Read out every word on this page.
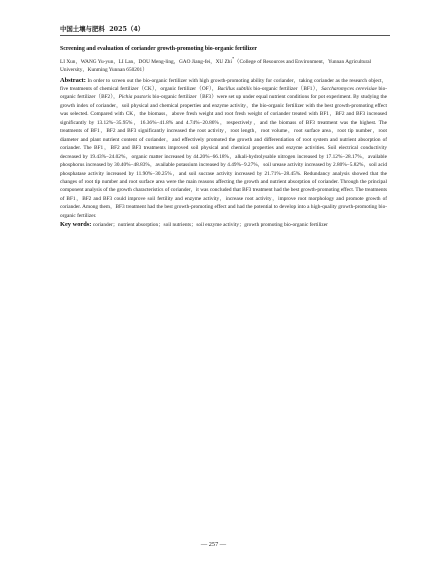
中国土壤与肥料 2025（4）

Screening and evaluation of coriander growth-promoting bio-organic fertilizer

LI Xun，WANG Yu-yun，LI Lan，DOU Meng-ling，GAO Jiang-fei，XU Zhi*（College of Resources and Environment，Yunnan Agricultural University，Kunming Yunnan 650201）

Abstract: In order to screen out the bio-organic fertilizer with high growth-promoting ability for coriander，taking coriander as the research object，five treatments of chemical fertilizer（CK），organic fertilizer（OF），Bacillus subtilis bio-organic fertilizer（BF1），Saccharomyces cerevisiae bio-organic fertilizer（BF2），Pichia pastoris bio-organic fertilizer（BF3）were set up under equal nutrient conditions for pot experiment. By studying the growth index of coriander，soil physical and chemical properties and enzyme activity，the bio-organic fertilizer with the best growth-promoting effect was selected. Compared with CK，the biomass，above fresh weight and root fresh weight of coriander treated with BF1，BF2 and BF3 increased significantly by 13.12%−35.95%，16.36%−41.8% and 4.74%−20.86%，respectively，and the biomass of BF3 treatment was the highest. The treatments of BF1，BF2 and BF3 significantly increased the root activity，root length，root volume，root surface area，root tip number，root diameter and plant nutrient content of coriander，and effectively promoted the growth and differentiation of root system and nutrient absorption of coriander. The BF1，BF2 and BF3 treatments improved soil physical and chemical properties and enzyme activities. Soil electrical conductivity decreased by 19.43%−24.02%，organic matter increased by 44.20%−66.18%，alkali-hydrolysable nitrogen increased by 17.12%−28.17%，available phosphorus increased by 30.40%−48.83%，available potassium increased by 4.49%−9.27%，soil urease activity increased by 2.80%−5.82%，soil acid phosphatase activity increased by 11.90%−30.25%，and soil sucrase activity increased by 21.71%−28.45%. Redundancy analysis showed that the changes of root tip number and root surface area were the main reasons affecting the growth and nutrient absorption of coriander. Through the principal component analysis of the growth characteristics of coriander，it was concluded that BF3 treatment had the best growth-promoting effect. The treatments of BF1，BF2 and BF3 could improve soil fertility and enzyme activity，increase root activity，improve root morphology and promote growth of coriander. Among them，BF3 treatment had the best growth-promoting effect and had the potential to develop into a high-quality growth-promoting bio-organic fertilizer.

Key words: coriander；nutrient absorption；soil nutrients；soil enzyme activity；growth promoting bio-organic fertilizer

— 257 —
